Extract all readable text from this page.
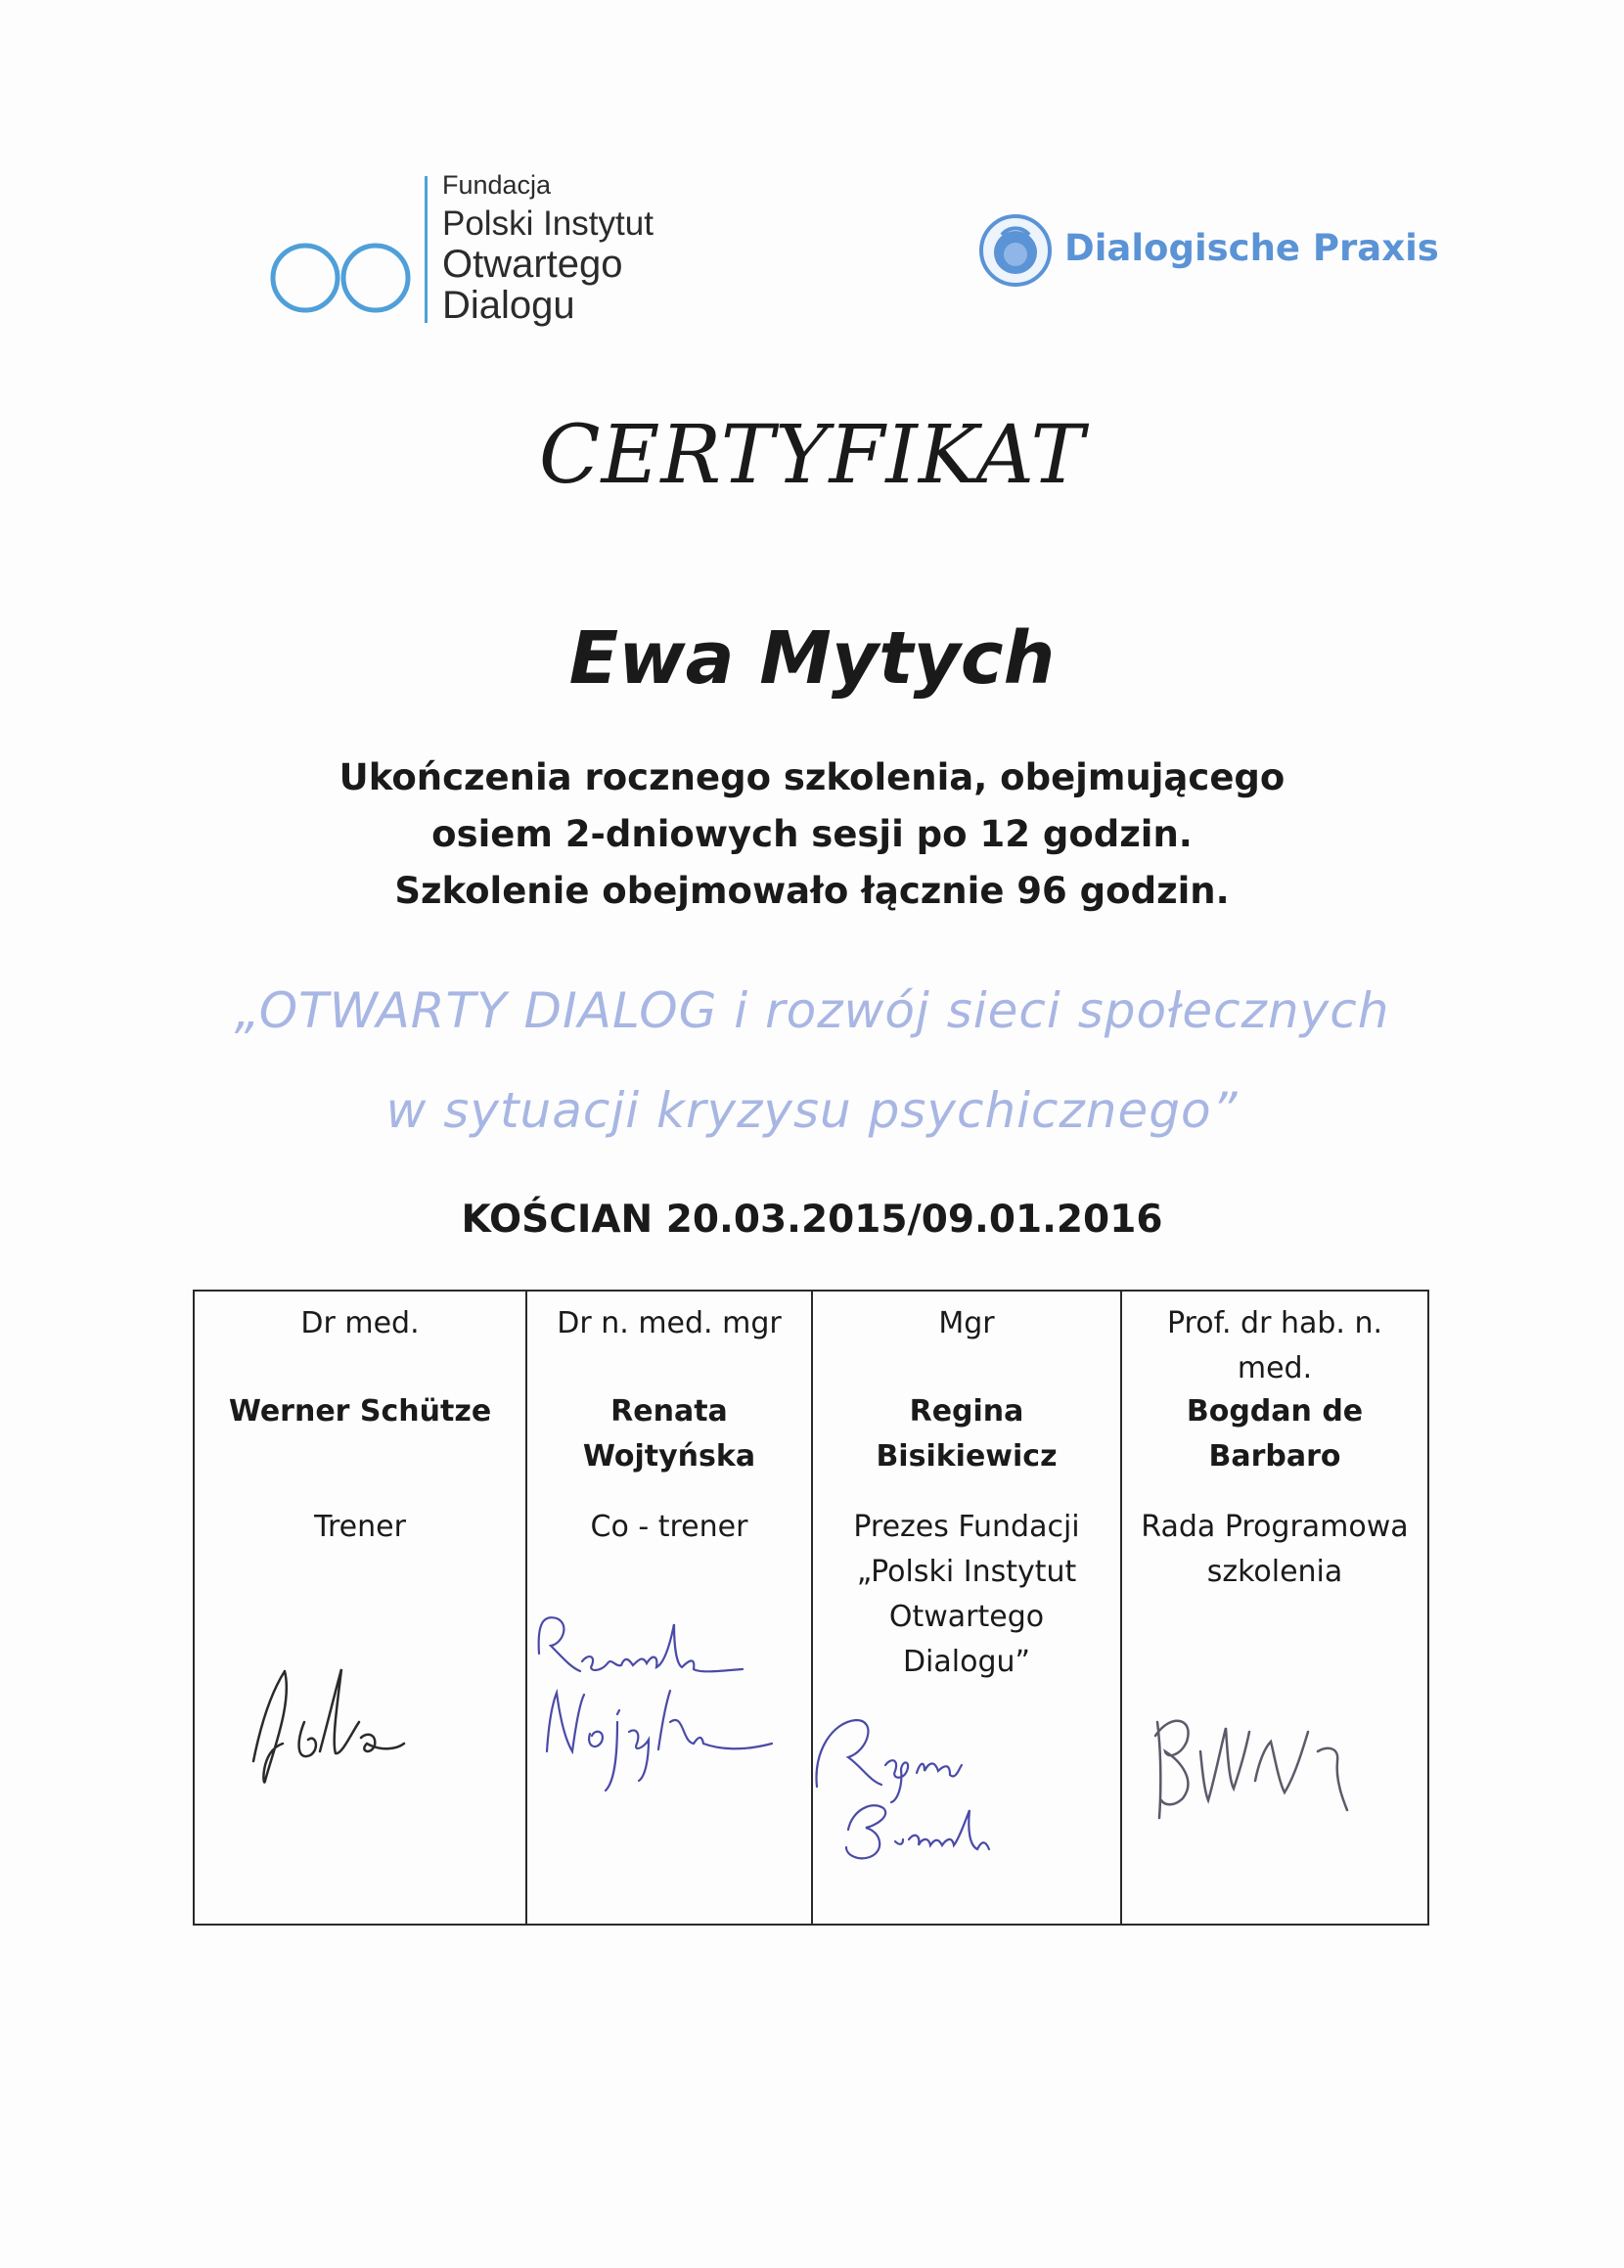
Fundacja
Polski Instytut
Otwartego
Dialogu
Dialogische Praxis
CERTYFIKAT
Ewa Mytych
Ukończenia rocznego szkolenia, obejmującego
osiem 2-dniowych sesji po 12 godzin.
Szkolenie obejmowało łącznie 96 godzin.
„OTWARTY DIALOG i rozwój sieci społecznych
w sytuacji kryzysu psychicznego”
KOŚCIAN 20.03.2015/09.01.2016
Dr med.
Werner Schütze
Trener
Dr n. med. mgr
Renata Wojtyńska
Co - trener
Mgr
Regina Bisikiewicz
Prezes Fundacji „Polski Instytut Otwartego Dialogu”
Prof. dr hab. n. med.
Bogdan de Barbaro
Rada Programowa szkolenia
